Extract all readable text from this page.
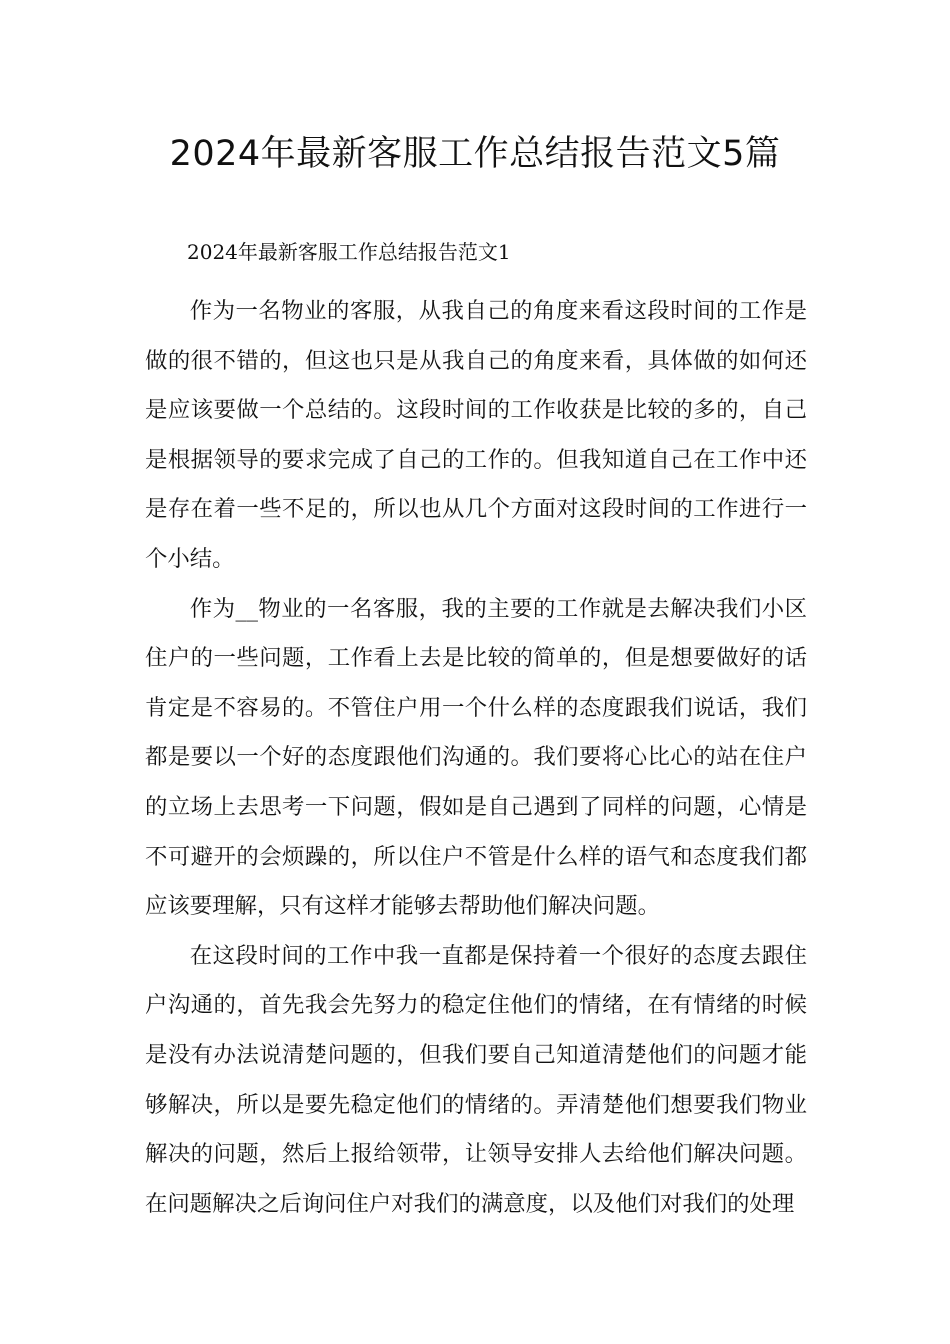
2024年最新客服工作总结报告范文5篇

2024年最新客服工作总结报告范文1

作为一名物业的客服，从我自己的角度来看这段时间的工作是做的很不错的，但这也只是从我自己的角度来看，具体做的如何还是应该要做一个总结的。这段时间的工作收获是比较的多的，自己是根据领导的要求完成了自己的工作的。但我知道自己在工作中还是存在着一些不足的，所以也从几个方面对这段时间的工作进行一个小结。

作为__物业的一名客服，我的主要的工作就是去解决我们小区住户的一些问题，工作看上去是比较的简单的，但是想要做好的话肯定是不容易的。不管住户用一个什么样的态度跟我们说话，我们都是要以一个好的态度跟他们沟通的。我们要将心比心的站在住户的立场上去思考一下问题，假如是自己遇到了同样的问题，心情是不可避开的会烦躁的，所以住户不管是什么样的语气和态度我们都应该要理解，只有这样才能够去帮助他们解决问题。

在这段时间的工作中我一直都是保持着一个很好的态度去跟住户沟通的，首先我会先努力的稳定住他们的情绪，在有情绪的时候是没有办法说清楚问题的，但我们要自己知道清楚他们的问题才能够解决，所以是要先稳定他们的情绪的。弄清楚他们想要我们物业解决的问题，然后上报给领带，让领导安排人去给他们解决问题。在问题解决之后询问住户对我们的满意度，以及他们对我们的处理
